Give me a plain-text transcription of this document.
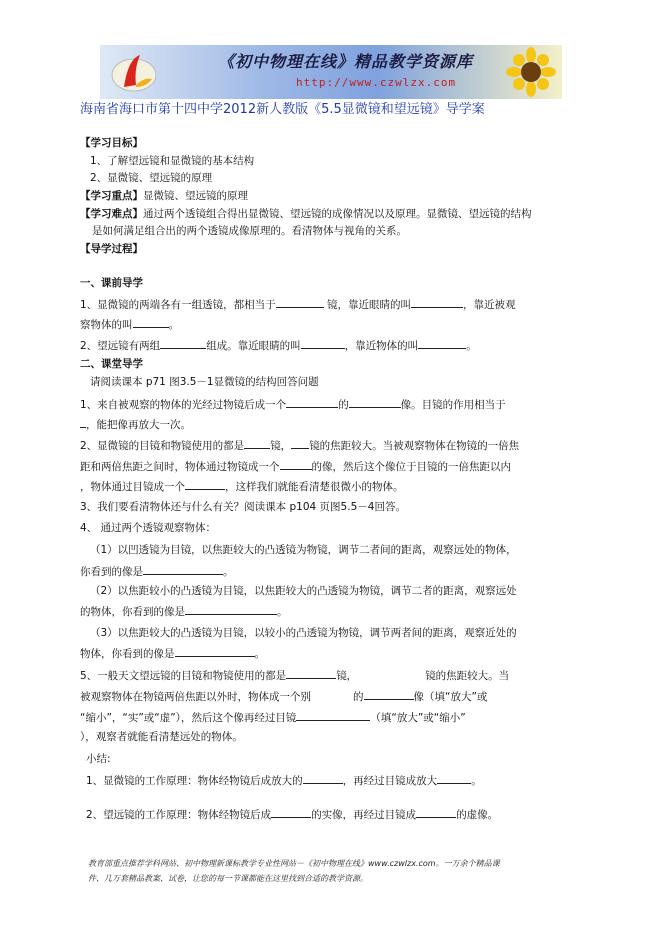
《初中物理在线》精品教学资源库
http://www.czwlzx.com
海南省海口市第十四中学2012新人教版《5.5显微镜和望远镜》导学案
【学习目标】
1、了解望远镜和显微镜的基本结构
2、显微镜、望远镜的原理
【学习重点】显微镜、望远镜的原理
【学习难点】通过两个透镜组合得出显微镜、望远镜的成像情况以及原理。显微镜、望远镜的结构
是如何满足组合出的两个透镜成像原理的。看清物体与视角的关系。
【导学过程】
一、课前导学
1、显微镜的两端各有一组透镜，都相当于	镜，靠近眼睛的叫	，靠近被观
察物体的叫	。
2、望远镜有两组	组成。靠近眼睛的叫	，靠近物体的叫	。
二、课堂导学
请阅读课本 p71 图3.5－1显微镜的结构回答问题
1、来自被观察的物体的光经过物镜后成一个	的	像。目镜的作用相当于
，能把像再放大一次。
2、显微镜的目镜和物镜使用的都是 镜， 镜的焦距较大。当被观察物体在物镜的一倍焦
距和两倍焦距之间时，物体通过物镜成一个	的像，然后这个像位于目镜的一倍焦距以内
，物体通过目镜成一个	，这样我们就能看清楚很微小的物体。
3、我们要看清物体还与什么有关？阅读课本 p104 页图5.5－4回答。
4、 通过两个透镜观察物体：
（1）以凹透镜为目镜，以焦距较大的凸透镜为物镜，调节二者间的距离，观察远处的物体，
你看到的像是	。
（2）以焦距较小的凸透镜为目镜，以焦距较大的凸透镜为物镜，调节二者的距离，观察远处
的物体，你看到的像是	。
（3）以焦距较大的凸透镜为目镜，以较小的凸透镜为物镜，调节两者间的距离，观察近处的
物体，你看到的像是	。
5、一般天文望远镜的目镜和物镜使用的都是	镜，	镜的焦距较大。当
被观察物体在物镜两倍焦距以外时，物体成一个别	的	像（填“放大”或
“缩小”，“实”或“虚”），然后这个像再经过目镜	（填“放大”或“缩小”
），观察者就能看清楚远处的物体。
小结:
1、显微镜的工作原理：物体经物镜后成放大的	，再经过目镜成放大	。
2、望远镜的工作原理：物体经物镜后成	的实像，再经过目镜成	的虚像。
教育部重点推荐学科网站、初中物理新课标教学专业性网站－《初中物理在线》www.czwlzx.com。一万余个精品课
件、几万套精品教案、试卷，让您的每一节课都能在这里找到合适的教学资源。
